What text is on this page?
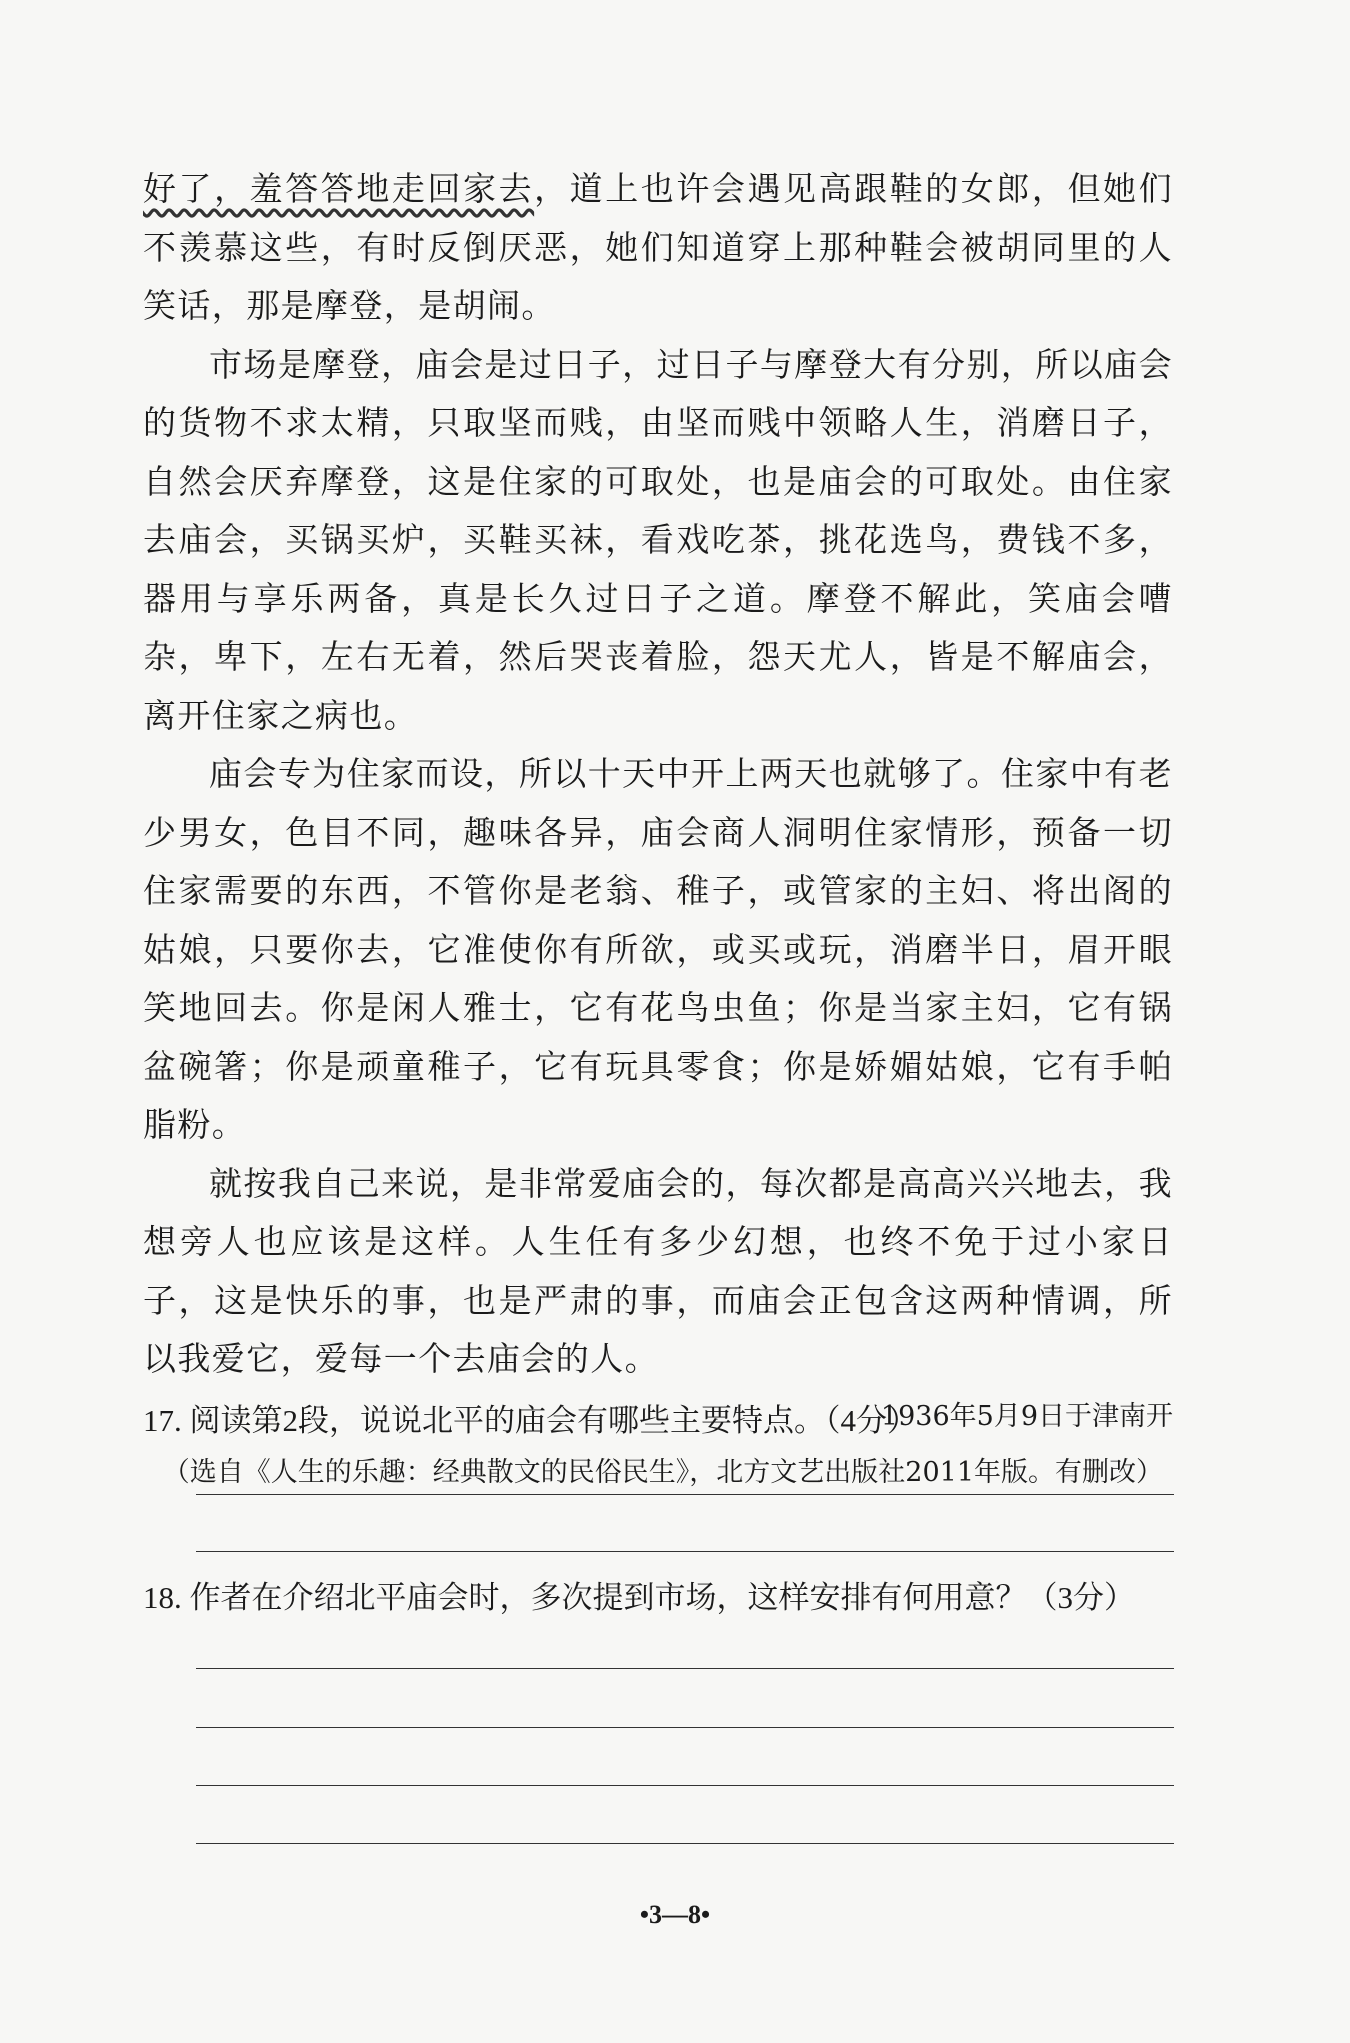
好了，羞答答地走回家去，道上也许会遇见高跟鞋的女郎，但她们不羡慕这些，有时反倒厌恶，她们知道穿上那种鞋会被胡同里的人笑话，那是摩登，是胡闹。

市场是摩登，庙会是过日子，过日子与摩登大有分别，所以庙会的货物不求太精，只取坚而贱，由坚而贱中领略人生，消磨日子，自然会厌弃摩登，这是住家的可取处，也是庙会的可取处。由住家去庙会，买锅买炉，买鞋买袜，看戏吃茶，挑花选鸟，费钱不多，器用与享乐两备，真是长久过日子之道。摩登不解此，笑庙会嘈杂，卑下，左右无着，然后哭丧着脸，怨天尤人，皆是不解庙会，离开住家之病也。

庙会专为住家而设，所以十天中开上两天也就够了。住家中有老少男女，色目不同，趣味各异，庙会商人洞明住家情形，预备一切住家需要的东西，不管你是老翁、稚子，或管家的主妇、将出阁的姑娘，只要你去，它准使你有所欲，或买或玩，消磨半日，眉开眼笑地回去。你是闲人雅士，它有花鸟虫鱼；你是当家主妇，它有锅盆碗箸；你是顽童稚子，它有玩具零食；你是娇媚姑娘，它有手帕脂粉。

就按我自己来说，是非常爱庙会的，每次都是高高兴兴地去，我想旁人也应该是这样。人生任有多少幻想，也终不免于过小家日子，这是快乐的事，也是严肃的事，而庙会正包含这两种情调，所以我爱它，爱每一个去庙会的人。

1936年5月9日于津南开

（选自《人生的乐趣：经典散文的民俗民生》，北方文艺出版社2011年版。有删改）

17. 阅读第2段，说说北平的庙会有哪些主要特点。（4分）

18. 作者在介绍北平庙会时，多次提到市场，这样安排有何用意？（3分）

•3—8•
